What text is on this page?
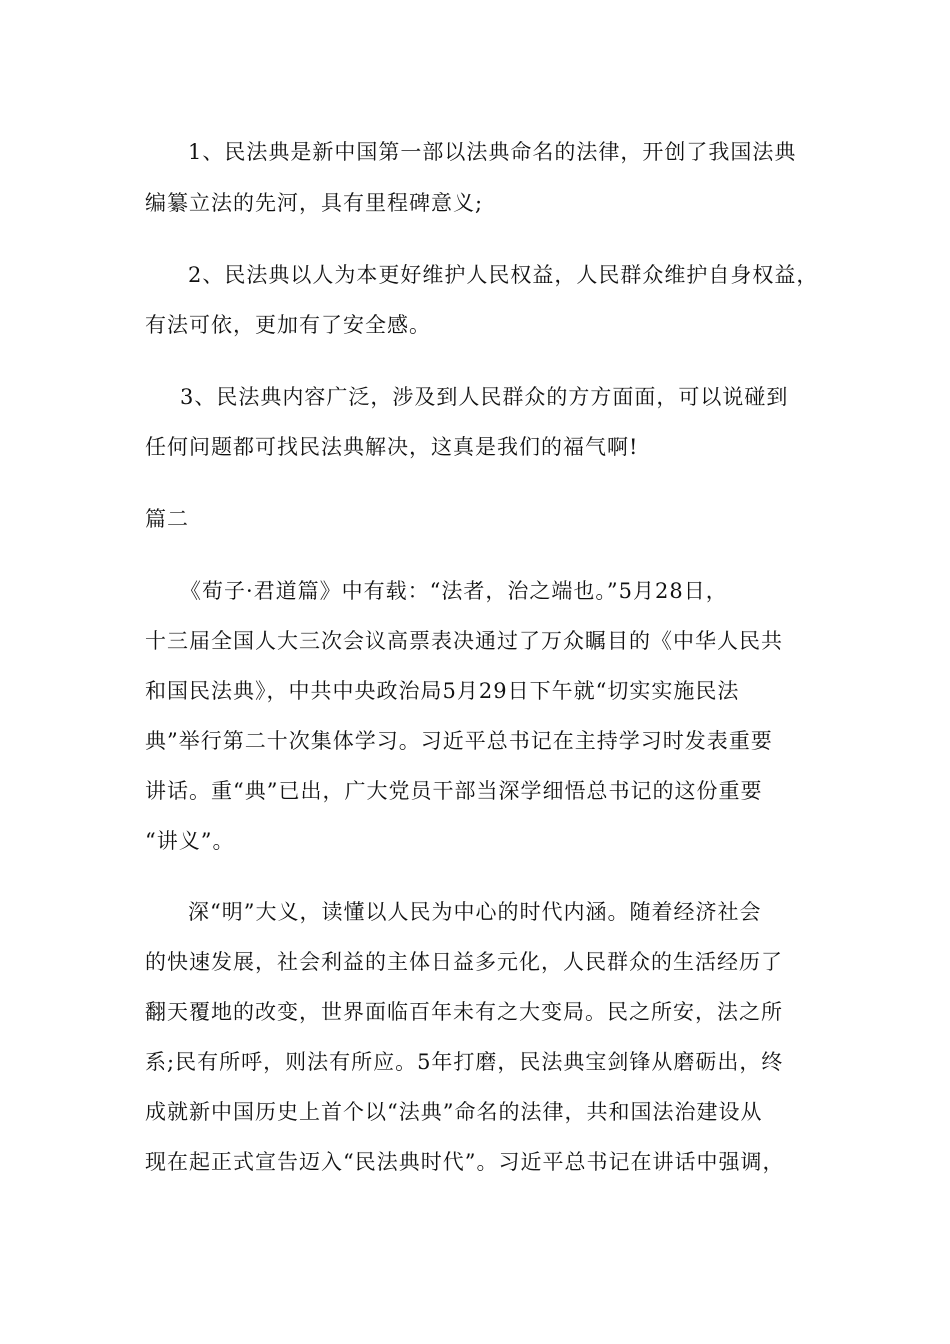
1、民法典是新中国第一部以法典命名的法律，开创了我国法典
编纂立法的先河，具有里程碑意义;
2、民法典以人为本更好维护人民权益，人民群众维护自身权益，
有法可依，更加有了安全感。
3、民法典内容广泛，涉及到人民群众的方方面面，可以说碰到
任何问题都可找民法典解决，这真是我们的福气啊!
篇二
《荀子·君道篇》中有载：“法者，治之端也。”5月28日，
十三届全国人大三次会议高票表决通过了万众瞩目的《中华人民共
和国民法典》，中共中央政治局5月29日下午就“切实实施民法
典”举行第二十次集体学习。习近平总书记在主持学习时发表重要
讲话。重“典”已出，广大党员干部当深学细悟总书记的这份重要
“讲义”。
深“明”大义，读懂以人民为中心的时代内涵。随着经济社会
的快速发展，社会利益的主体日益多元化，人民群众的生活经历了
翻天覆地的改变，世界面临百年未有之大变局。民之所安，法之所
系;民有所呼，则法有所应。5年打磨，民法典宝剑锋从磨砺出，终
成就新中国历史上首个以“法典”命名的法律，共和国法治建设从
现在起正式宣告迈入“民法典时代”。习近平总书记在讲话中强调，
